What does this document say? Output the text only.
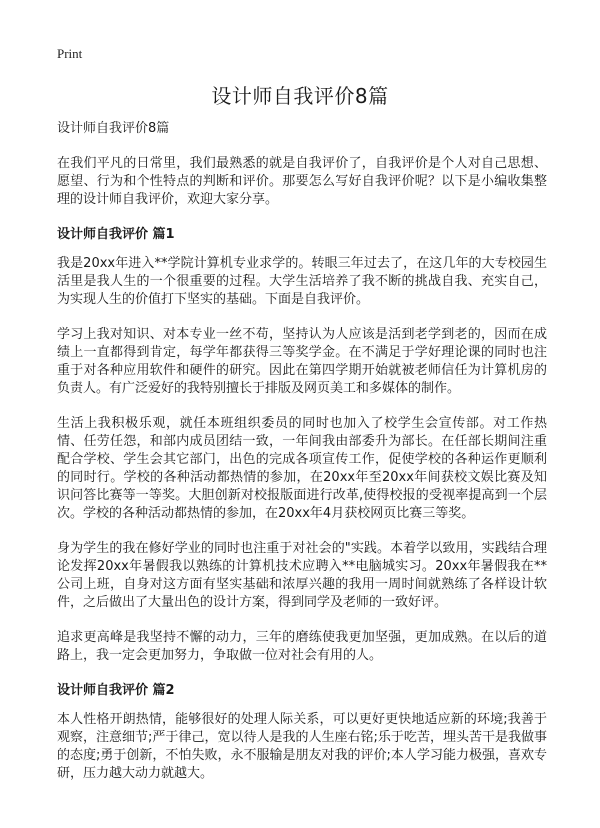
Print
设计师自我评价8篇

设计师自我评价8篇

在我们平凡的日常里，我们最熟悉的就是自我评价了，自我评价是个人对自己思想、愿望、行为和个性特点的判断和评价。那要怎么写好自我评价呢？以下是小编收集整理的设计师自我评价，欢迎大家分享。

设计师自我评价 篇1

我是20xx年进入**学院计算机专业求学的。转眼三年过去了，在这几年的大专校园生活里是我人生的一个很重要的过程。大学生活培养了我不断的挑战自我、充实自己，为实现人生的价值打下坚实的基础。下面是自我评价。

学习上我对知识、对本专业一丝不苟，坚持认为人应该是活到老学到老的，因而在成绩上一直都得到肯定，每学年都获得三等奖学金。在不满足于学好理论课的同时也注重于对各种应用软件和硬件的研究。因此在第四学期开始就被老师信任为计算机房的负责人。有广泛爱好的我特别擅长于排版及网页美工和多媒体的制作。

生活上我积极乐观，就任本班组织委员的同时也加入了校学生会宣传部。对工作热情、任劳任怨，和部内成员团结一致，一年间我由部委升为部长。在任部长期间注重配合学校、学生会其它部门，出色的完成各项宣传工作，促使学校的各种运作更顺利的同时行。学校的各种活动都热情的参加，在20xx年至20xx年间获校文娱比赛及知识问答比赛等一等奖。大胆创新对校报版面进行改革,使得校报的受视率提高到一个层次。学校的各种活动都热情的参加，在20xx年4月获校网页比赛三等奖。

身为学生的我在修好学业的同时也注重于对社会的"实践。本着学以致用，实践结合理论发挥20xx年暑假我以熟练的计算机技术应聘入**电脑城实习。20xx年暑假我在**公司上班，自身对这方面有坚实基础和浓厚兴趣的我用一周时间就熟练了各样设计软件，之后做出了大量出色的设计方案，得到同学及老师的一致好评。

追求更高峰是我坚持不懈的动力，三年的磨练使我更加坚强，更加成熟。在以后的道路上，我一定会更加努力，争取做一位对社会有用的人。

设计师自我评价 篇2

本人性格开朗热情，能够很好的处理人际关系，可以更好更快地适应新的环境;我善于观察，注意细节;严于律己，宽以待人是我的人生座右铭;乐于吃苦，埋头苦干是我做事的态度;勇于创新，不怕失败，永不服输是朋友对我的评价;本人学习能力极强，喜欢专研，压力越大动力就越大。
